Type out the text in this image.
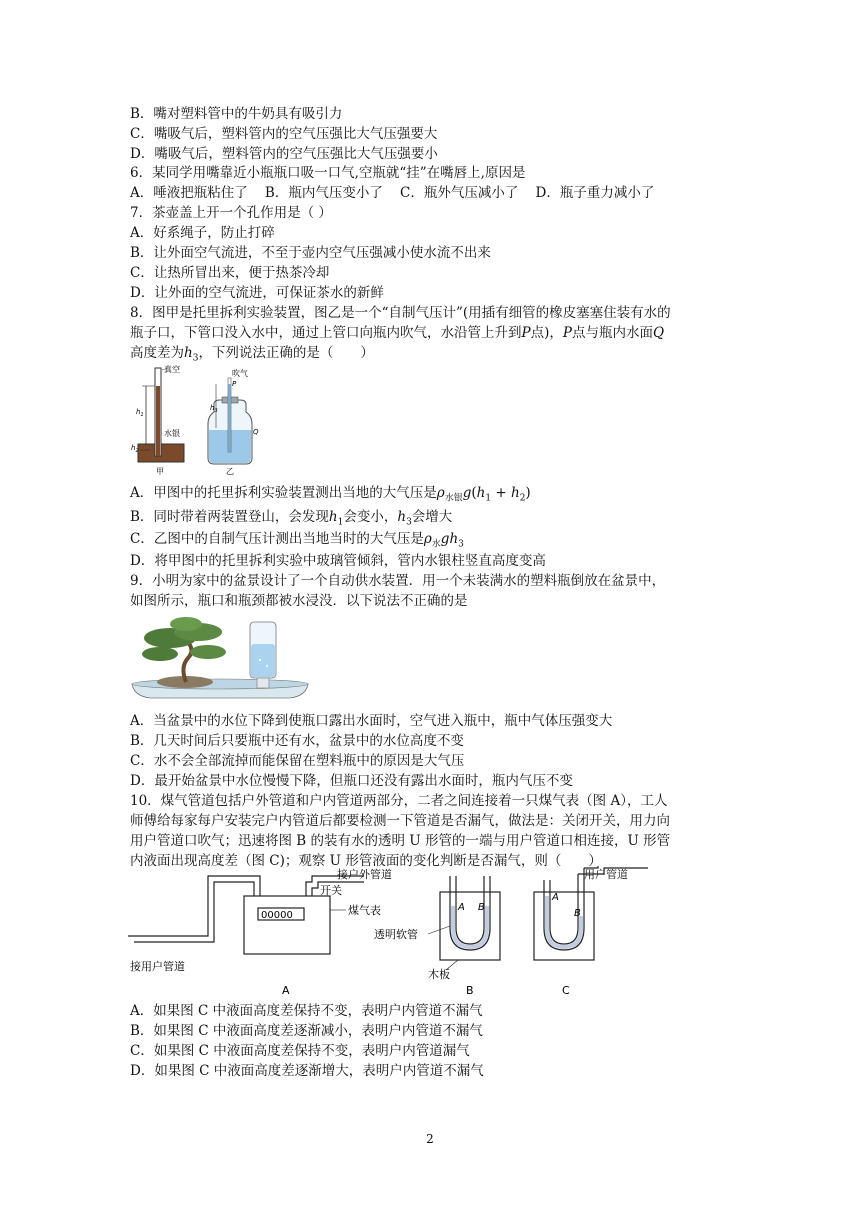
B．嘴对塑料管中的牛奶具有吸引力
C．嘴吸气后，塑料管内的空气压强比大气压强要大
D．嘴吸气后，塑料管内的空气压强比大气压强要小
6．某同学用嘴靠近小瓶瓶口吸一口气,空瓶就“挂”在嘴唇上,原因是
A．唾液把瓶粘住了    B．瓶内气压变小了    C．瓶外气压减小了    D．瓶子重力减小了
7．茶壶盖上开一个孔作用是（ ）
A．好系绳子，防止打碎
B．让外面空气流进，不至于壶内空气压强减小使水流不出来
C．让热所冒出来，便于热茶冷却
D．让外面的空气流进，可保证茶水的新鲜
8．图甲是托里拆利实验装置，图乙是一个“自制气压计”(用插有细管的橡皮塞塞住装有水的
瓶子口，下管口没入水中，通过上管口向瓶内吹气，水沿管上升到P点)，P点与瓶内水面Q
高度差为$h_3$，下列说法正确的是（　　）
真空
水银
$h_1$
$h_2$
甲
吹气
P
$h_3$
Q
乙
A．甲图中的托里拆利实验装置测出当地的大气压是$\rho_{水银}g(h_1 + h_2)$
B．同时带着两装置登山，会发现$h_1$会变小，$h_3$会增大
C．乙图中的自制气压计测出当地当时的大气压是$\rho_水gh_3$
D．将甲图中的托里拆利实验中玻璃管倾斜，管内水银柱竖直高度变高
9．小明为家中的盆景设计了一个自动供水装置．用一个未装满水的塑料瓶倒放在盆景中，
如图所示，瓶口和瓶颈都被水浸没．以下说法不正确的是
A．当盆景中的水位下降到使瓶口露出水面时，空气进入瓶中，瓶中气体压强变大
B．几天时间后只要瓶中还有水，盆景中的水位高度不变
C．水不会全部流掉而能保留在塑料瓶中的原因是大气压
D．最开始盆景中水位慢慢下降，但瓶口还没有露出水面时，瓶内气压不变
10．煤气管道包括户外管道和户内管道两部分，二者之间连接着一只煤气表（图 A），工人
师傅给每家每户安装完户内管道后都要检测一下管道是否漏气，做法是：关闭开关，用力向
用户管道口吹气；迅速将图 B 的装有水的透明 U 形管的一端与用户管道口相连接，U 形管
内液面出现高度差（图 C)；观察 U 形管液面的变化判断是否漏气，则（　　）
接户外管道
开关
煤气表
00000
接用户管道
透明软管
木板
A B
A
B
A	B	C
用户管道
A．如果图 C 中液面高度差保持不变，表明户内管道不漏气
B．如果图 C 中液面高度差逐渐减小，表明户内管道不漏气
C．如果图 C 中液面高度差保持不变，表明户内管道漏气
D．如果图 C 中液面高度差逐渐增大，表明户内管道不漏气
2
